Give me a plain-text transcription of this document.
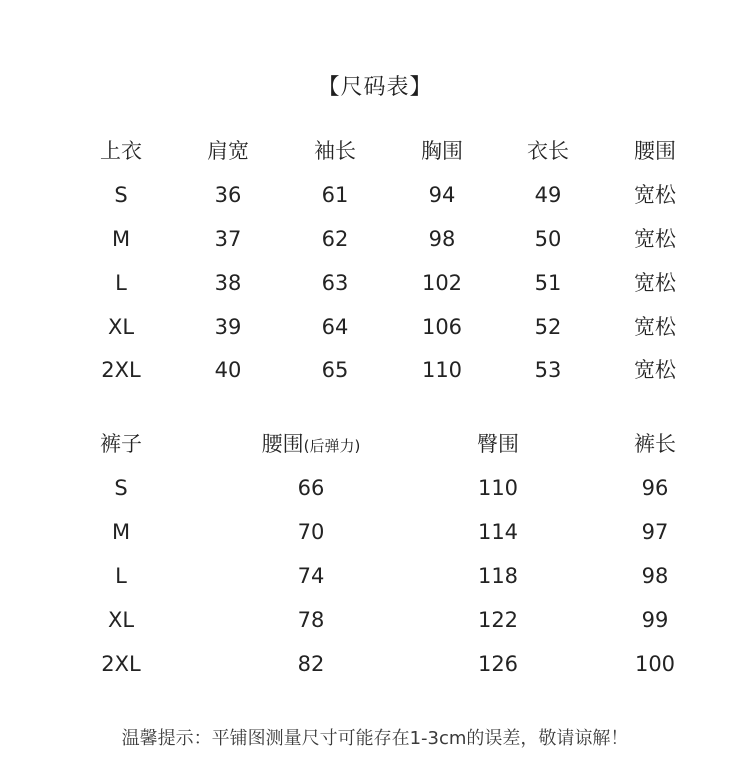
【尺码表】
上衣	肩宽	袖长	胸围	衣长	腰围
S	36	61	94	49	宽松
M	37	62	98	50	宽松
L	38	63	102	51	宽松
XL	39	64	106	52	宽松
2XL	40	65	110	53	宽松
裤子	腰围(后弹力)	臀围	裤长
S	66	110	96
M	70	114	97
L	74	118	98
XL	78	122	99
2XL	82	126	100
温馨提示：平铺图测量尺寸可能存在1-3cm的误差，敬请谅解！
